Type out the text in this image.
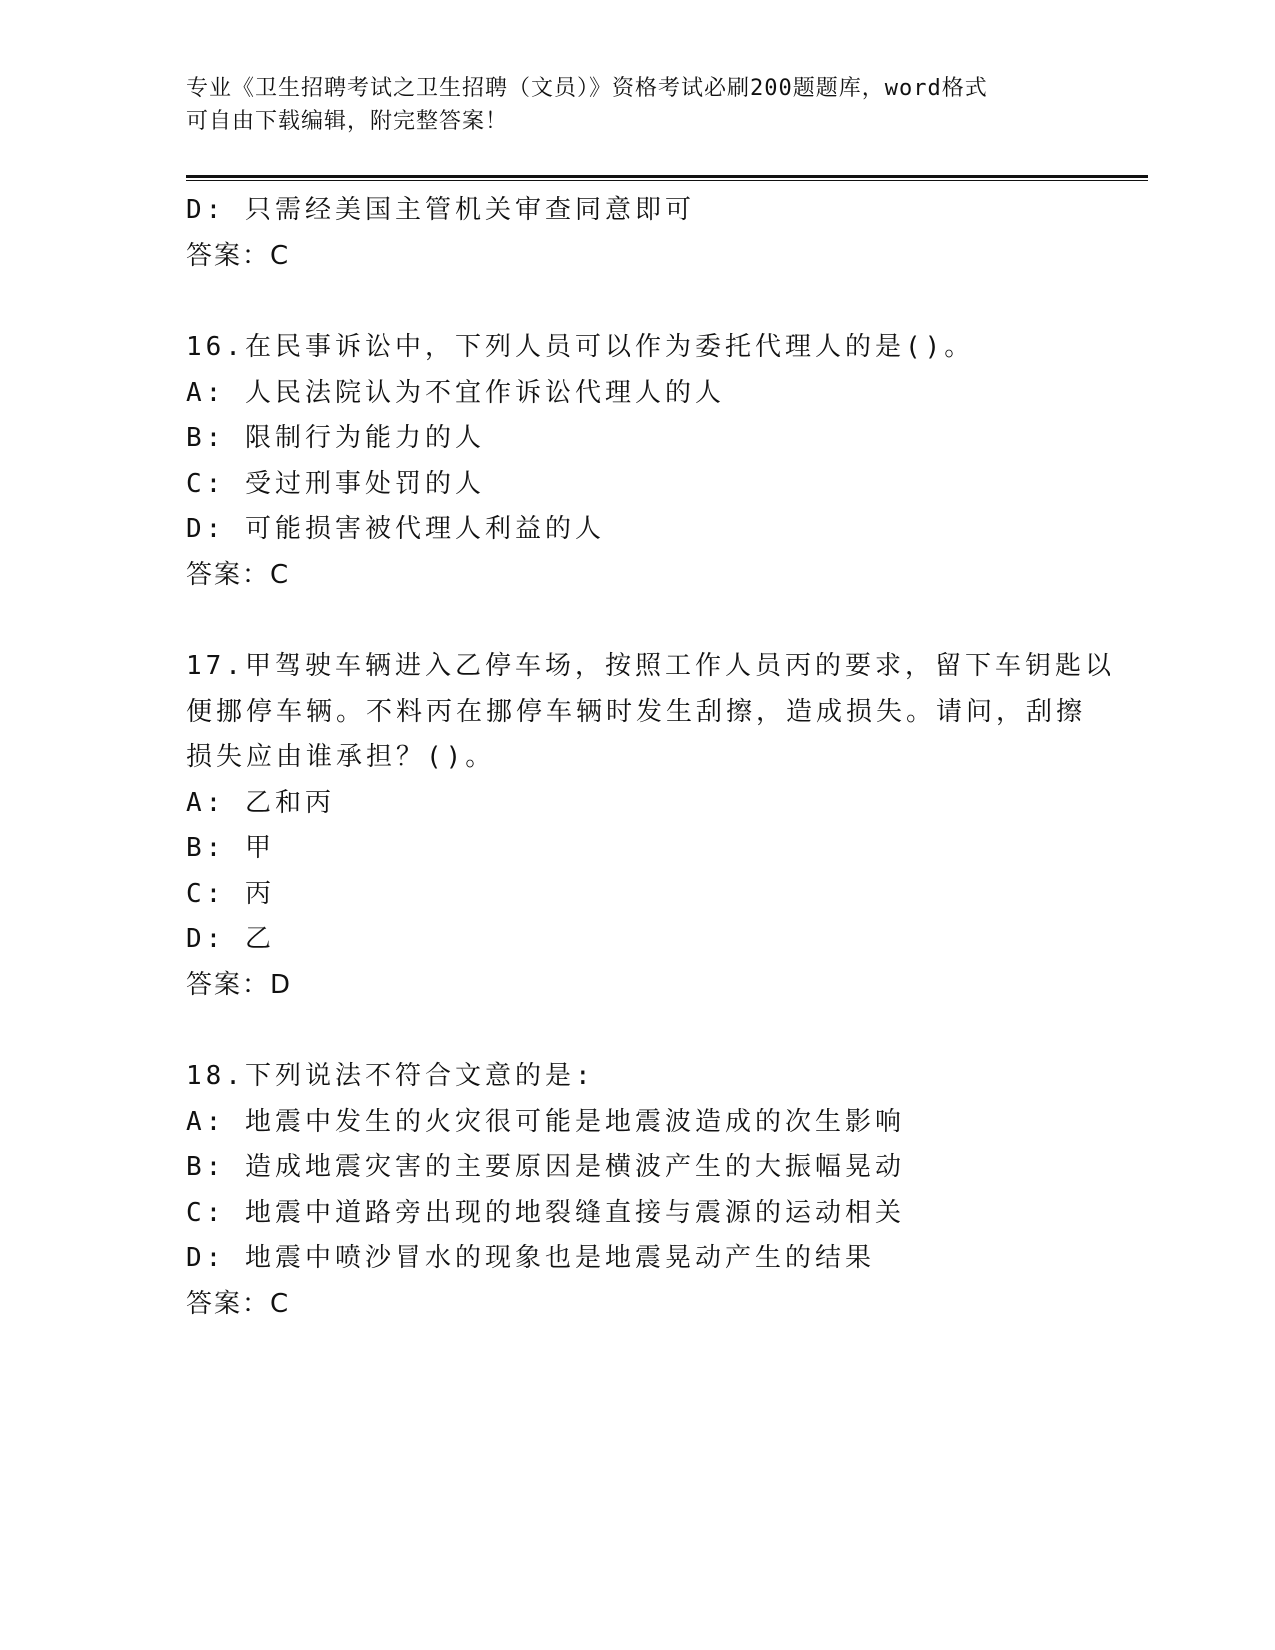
专业《卫生招聘考试之卫生招聘（文员）》资格考试必刷200题题库，word格式
可自由下载编辑，附完整答案！
D: 只需经美国主管机关审查同意即可
答案：C
16.在民事诉讼中，下列人员可以作为委托代理人的是()。
A: 人民法院认为不宜作诉讼代理人的人
B: 限制行为能力的人
C: 受过刑事处罚的人
D: 可能损害被代理人利益的人
答案：C
17.甲驾驶车辆进入乙停车场，按照工作人员丙的要求，留下车钥匙以
便挪停车辆。不料丙在挪停车辆时发生刮擦，造成损失。请问，刮擦
损失应由谁承担？()。
A: 乙和丙
B: 甲
C: 丙
D: 乙
答案：D
18.下列说法不符合文意的是:
A: 地震中发生的火灾很可能是地震波造成的次生影响
B: 造成地震灾害的主要原因是横波产生的大振幅晃动
C: 地震中道路旁出现的地裂缝直接与震源的运动相关
D: 地震中喷沙冒水的现象也是地震晃动产生的结果
答案：C
